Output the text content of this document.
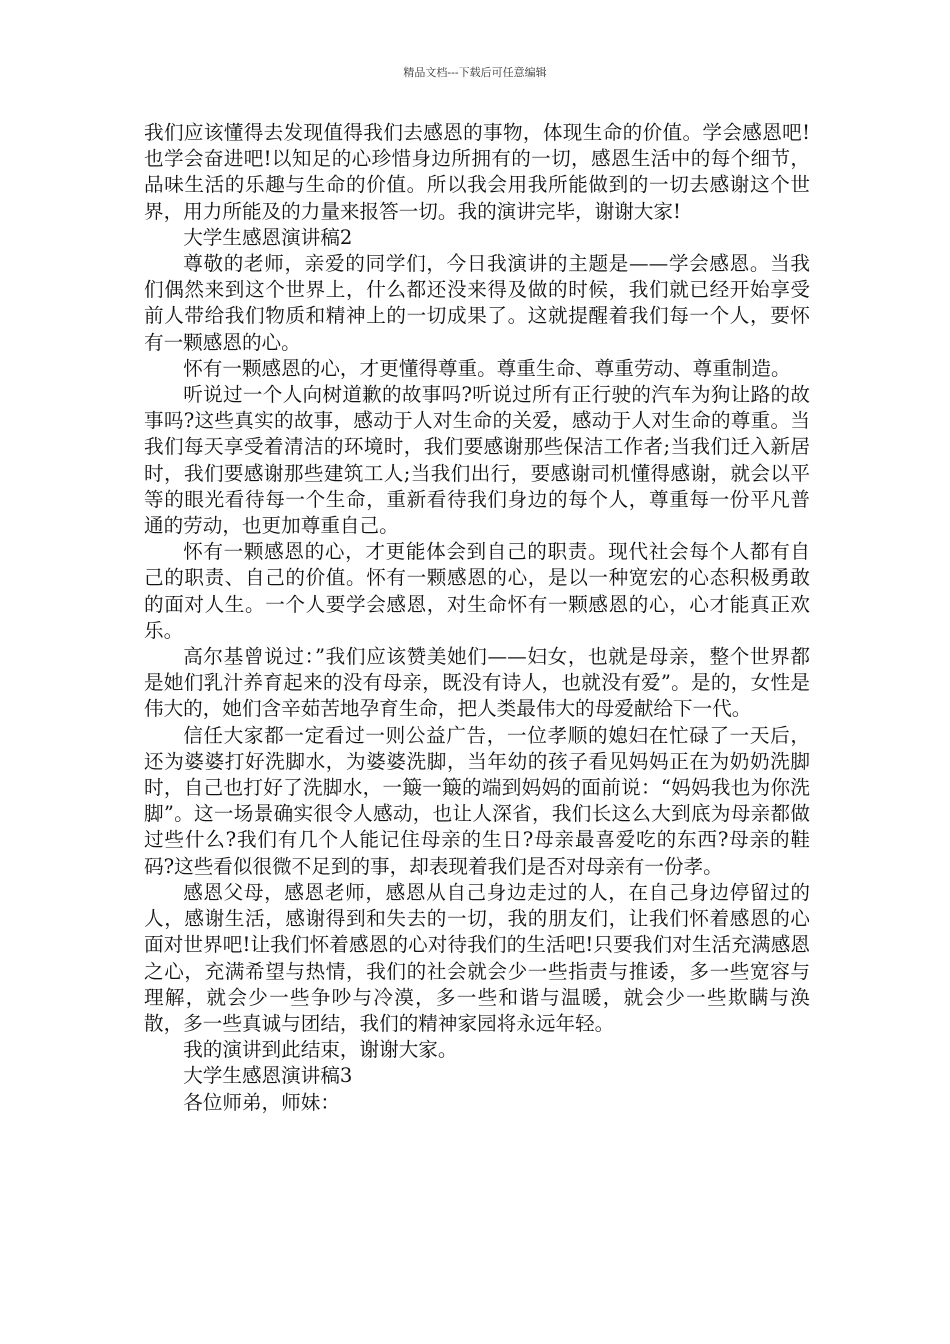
精品文档---下载后可任意编辑

我们应该懂得去发现值得我们去感恩的事物，体现生命的价值。学会感恩吧!也学会奋进吧!以知足的心珍惜身边所拥有的一切，感恩生活中的每个细节，品味生活的乐趣与生命的价值。所以我会用我所能做到的一切去感谢这个世界，用力所能及的力量来报答一切。我的演讲完毕，谢谢大家!

大学生感恩演讲稿2

尊敬的老师，亲爱的同学们，今日我演讲的主题是——学会感恩。当我们偶然来到这个世界上，什么都还没来得及做的时候，我们就已经开始享受前人带给我们物质和精神上的一切成果了。这就提醒着我们每一个人，要怀有一颗感恩的心。

怀有一颗感恩的心，才更懂得尊重。尊重生命、尊重劳动、尊重制造。

听说过一个人向树道歉的故事吗?听说过所有正行驶的汽车为狗让路的故事吗?这些真实的故事，感动于人对生命的关爱，感动于人对生命的尊重。当我们每天享受着清洁的环境时，我们要感谢那些保洁工作者;当我们迁入新居时，我们要感谢那些建筑工人;当我们出行，要感谢司机懂得感谢，就会以平等的眼光看待每一个生命，重新看待我们身边的每个人，尊重每一份平凡普通的劳动，也更加尊重自己。

怀有一颗感恩的心，才更能体会到自己的职责。现代社会每个人都有自己的职责、自己的价值。怀有一颗感恩的心，是以一种宽宏的心态积极勇敢的面对人生。一个人要学会感恩，对生命怀有一颗感恩的心，心才能真正欢乐。

高尔基曾说过：”我们应该赞美她们——妇女，也就是母亲，整个世界都是她们乳汁养育起来的没有母亲，既没有诗人，也就没有爱”。是的，女性是伟大的，她们含辛茹苦地孕育生命，把人类最伟大的母爱献给下一代。

信任大家都一定看过一则公益广告，一位孝顺的媳妇在忙碌了一天后，还为婆婆打好洗脚水，为婆婆洗脚，当年幼的孩子看见妈妈正在为奶奶洗脚时，自己也打好了洗脚水，一簸一簸的端到妈妈的面前说：“妈妈我也为你洗脚”。这一场景确实很令人感动，也让人深省，我们长这么大到底为母亲都做过些什么?我们有几个人能记住母亲的生日?母亲最喜爱吃的东西?母亲的鞋码?这些看似很微不足到的事，却表现着我们是否对母亲有一份孝。

感恩父母，感恩老师，感恩从自己身边走过的人，在自己身边停留过的人，感谢生活，感谢得到和失去的一切，我的朋友们，让我们怀着感恩的心面对世界吧!让我们怀着感恩的心对待我们的生活吧!只要我们对生活充满感恩之心，充满希望与热情，我们的社会就会少一些指责与推诿，多一些宽容与理解，就会少一些争吵与冷漠，多一些和谐与温暖，就会少一些欺瞒与涣散，多一些真诚与团结，我们的精神家园将永远年轻。

我的演讲到此结束，谢谢大家。

大学生感恩演讲稿3

各位师弟，师妹：
